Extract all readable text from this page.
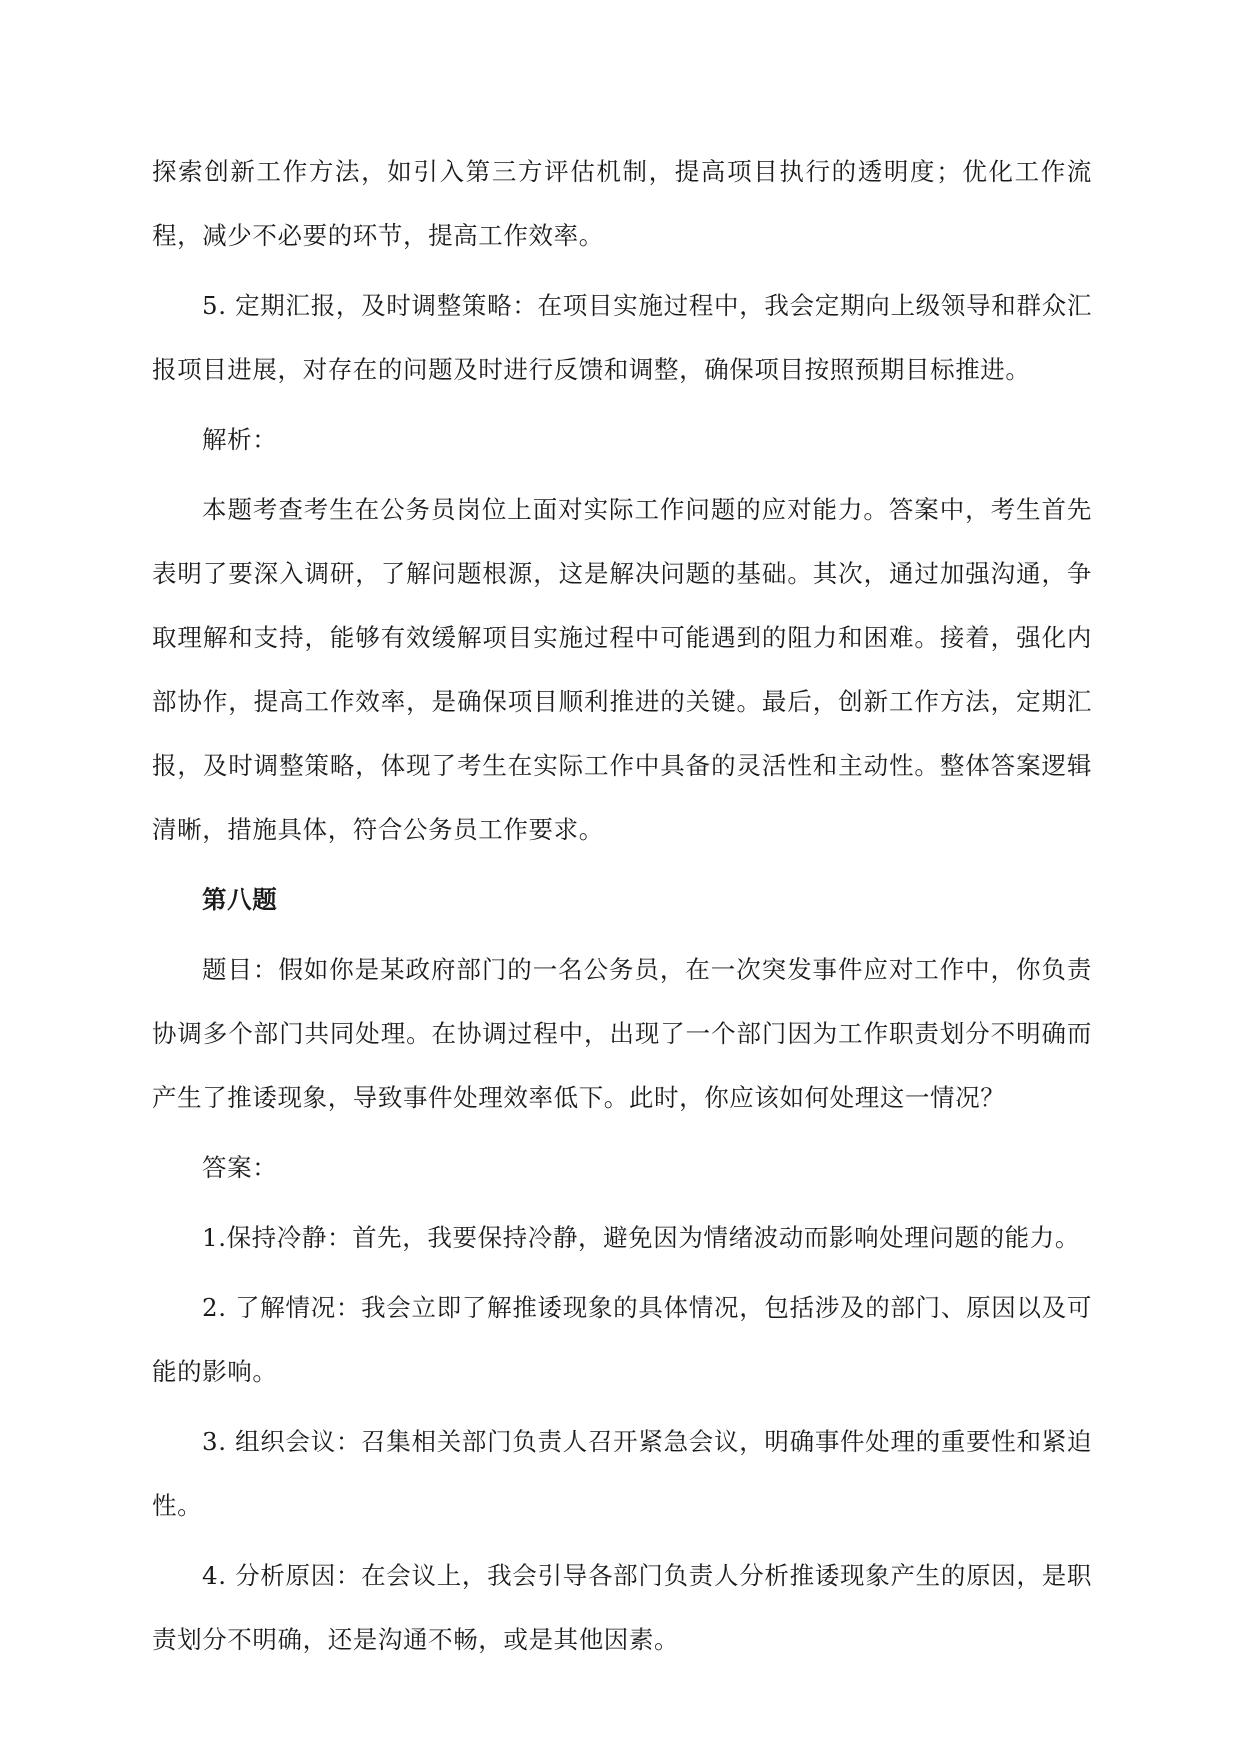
探索创新工作方法，如引入第三方评估机制，提高项目执行的透明度；优化工作流程，减少不必要的环节，提高工作效率。

5. 定期汇报，及时调整策略：在项目实施过程中，我会定期向上级领导和群众汇报项目进展，对存在的问题及时进行反馈和调整，确保项目按照预期目标推进。

解析：

本题考查考生在公务员岗位上面对实际工作问题的应对能力。答案中，考生首先表明了要深入调研，了解问题根源，这是解决问题的基础。其次，通过加强沟通，争取理解和支持，能够有效缓解项目实施过程中可能遇到的阻力和困难。接着，强化内部协作，提高工作效率，是确保项目顺利推进的关键。最后，创新工作方法，定期汇报，及时调整策略，体现了考生在实际工作中具备的灵活性和主动性。整体答案逻辑清晰，措施具体，符合公务员工作要求。

第八题

题目：假如你是某政府部门的一名公务员，在一次突发事件应对工作中，你负责协调多个部门共同处理。在协调过程中，出现了一个部门因为工作职责划分不明确而产生了推诿现象，导致事件处理效率低下。此时，你应该如何处理这一情况？

答案：

1.保持冷静：首先，我要保持冷静，避免因为情绪波动而影响处理问题的能力。

2. 了解情况：我会立即了解推诿现象的具体情况，包括涉及的部门、原因以及可能的影响。

3. 组织会议：召集相关部门负责人召开紧急会议，明确事件处理的重要性和紧迫性。

4. 分析原因：在会议上，我会引导各部门负责人分析推诿现象产生的原因，是职责划分不明确，还是沟通不畅，或是其他因素。
